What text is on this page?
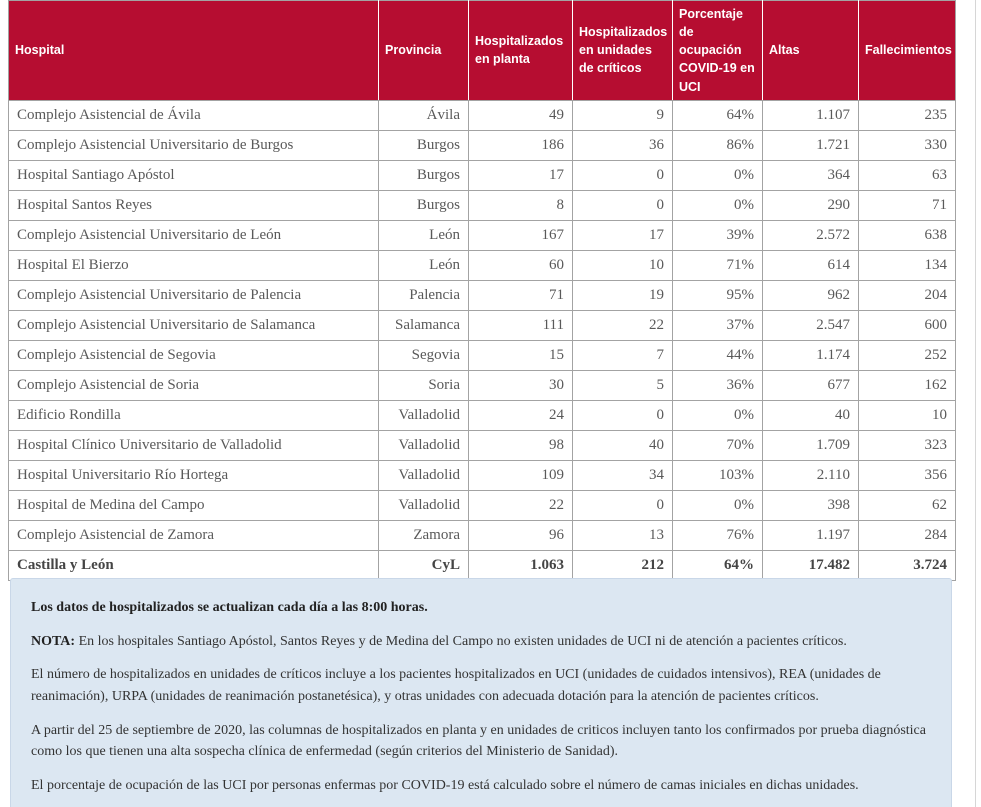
Hospital	Provincia	Hospitalizados en planta	Hospitalizados en unidades de críticos	Porcentaje de ocupación COVID-19 en UCI	Altas	Fallecimientos
Complejo Asistencial de Ávila	Ávila	49	9	64%	1.107	235
Complejo Asistencial Universitario de Burgos	Burgos	186	36	86%	1.721	330
Hospital Santiago Apóstol	Burgos	17	0	0%	364	63
Hospital Santos Reyes	Burgos	8	0	0%	290	71
Complejo Asistencial Universitario de León	León	167	17	39%	2.572	638
Hospital El Bierzo	León	60	10	71%	614	134
Complejo Asistencial Universitario de Palencia	Palencia	71	19	95%	962	204
Complejo Asistencial Universitario de Salamanca	Salamanca	111	22	37%	2.547	600
Complejo Asistencial de Segovia	Segovia	15	7	44%	1.174	252
Complejo Asistencial de Soria	Soria	30	5	36%	677	162
Edificio Rondilla	Valladolid	24	0	0%	40	10
Hospital Clínico Universitario de Valladolid	Valladolid	98	40	70%	1.709	323
Hospital Universitario Río Hortega	Valladolid	109	34	103%	2.110	356
Hospital de Medina del Campo	Valladolid	22	0	0%	398	62
Complejo Asistencial de Zamora	Zamora	96	13	76%	1.197	284
Castilla y León	CyL	1.063	212	64%	17.482	3.724

Los datos de hospitalizados se actualizan cada día a las 8:00 horas.

NOTA: En los hospitales Santiago Apóstol, Santos Reyes y de Medina del Campo no existen unidades de UCI ni de atención a pacientes críticos.

El número de hospitalizados en unidades de críticos incluye a los pacientes hospitalizados en UCI (unidades de cuidados intensivos), REA (unidades de reanimación), URPA (unidades de reanimación postanetésica), y otras unidades con adecuada dotación para la atención de pacientes críticos.

A partir del 25 de septiembre de 2020, las columnas de hospitalizados en planta y en unidades de criticos incluyen tanto los confirmados por prueba diagnóstica como los que tienen una alta sospecha clínica de enfermedad (según criterios del Ministerio de Sanidad).

El porcentaje de ocupación de las UCI por personas enfermas por COVID-19 está calculado sobre el número de camas iniciales en dichas unidades.
